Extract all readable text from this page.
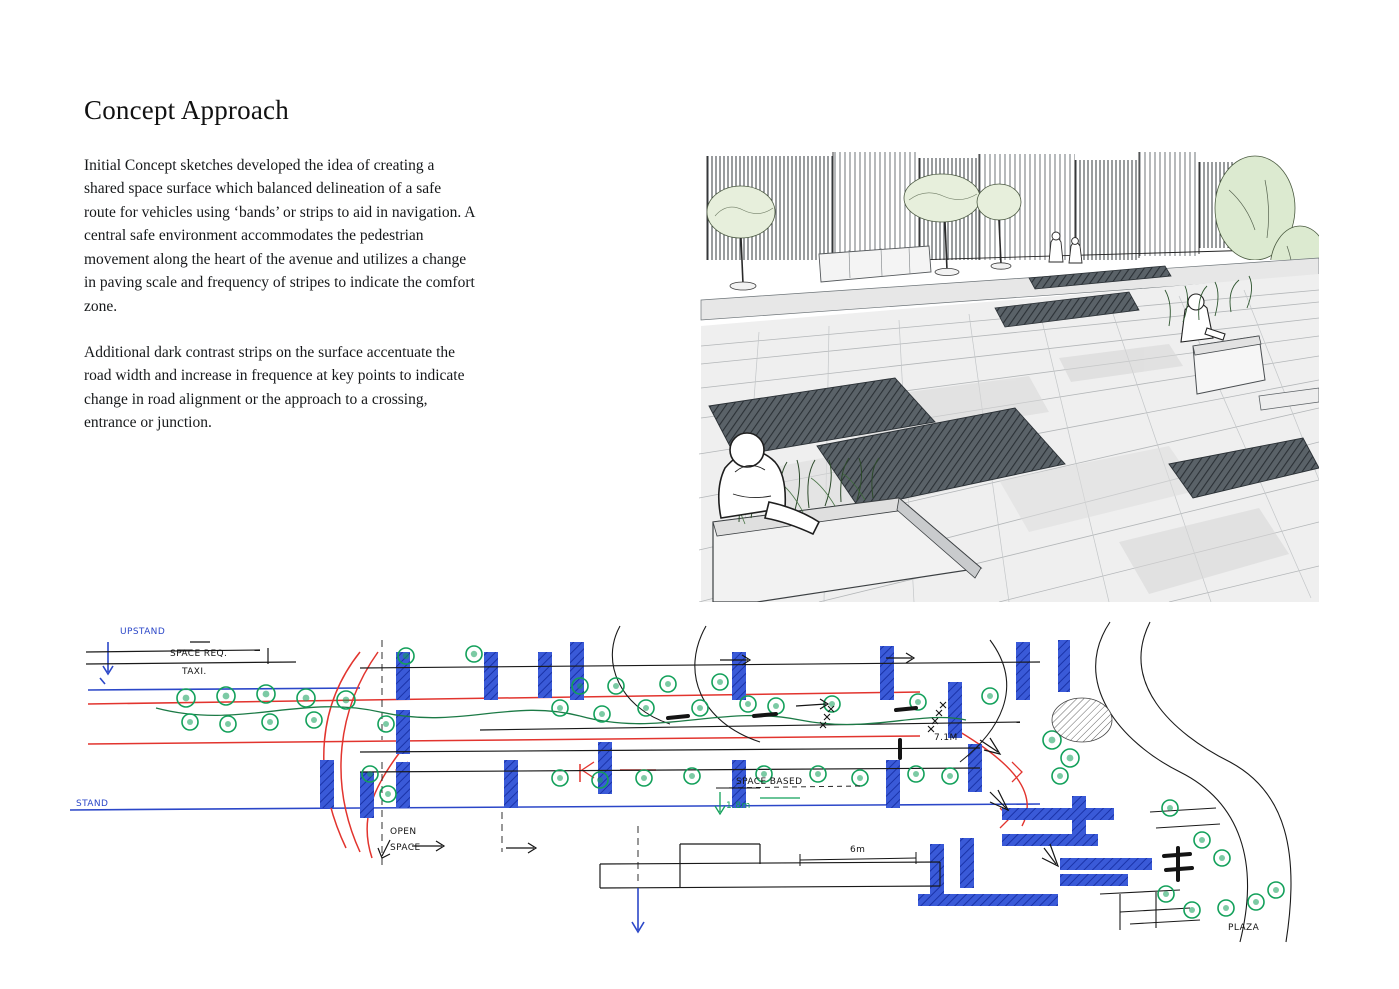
Concept Approach

Initial Concept sketches developed the idea of creating a shared space surface which balanced delineation of a safe route for vehicles using ‘bands’ or strips to aid in navigation. A central safe environment accommodates the pedestrian movement along the heart of the avenue and utilizes a change in paving scale and frequency of stripes to indicate the comfort zone.

Additional dark contrast strips on the surface accentuate the road width and increase in frequence at key points to indicate change in road alignment or the approach to a crossing, entrance or junction.

UPSTAND
SPACE REQ.
TAXI.
STAND
OPEN
SPACE
SPACE BASED
1.8m
7.1M
6m
PLAZA
